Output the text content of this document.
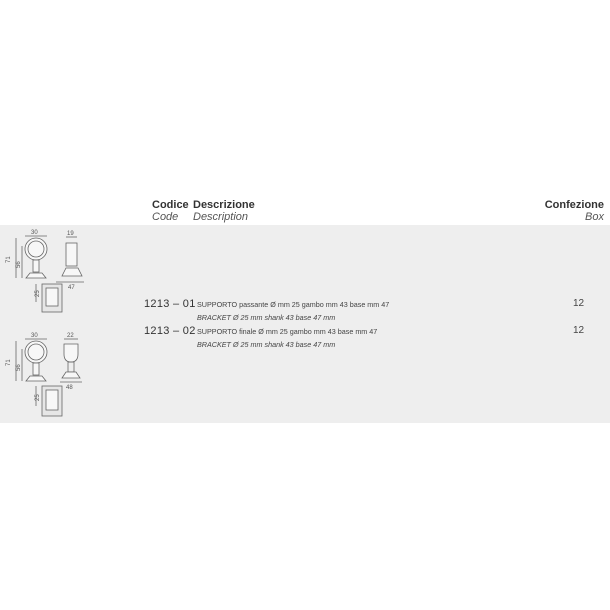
Codice
Code
Descrizione
Description
Confezione
Box
30
71
56
19
47
25
30
71
56
22
48
25
1213 – 01 SUPPORTO passante Ø mm 25 gambo mm 43 base mm 47
BRACKET Ø 25 mm shank 43 base 47 mm
12
1213 – 02 SUPPORTO finale Ø mm 25 gambo mm 43 base mm 47
BRACKET Ø 25 mm shank 43 base 47 mm
12
